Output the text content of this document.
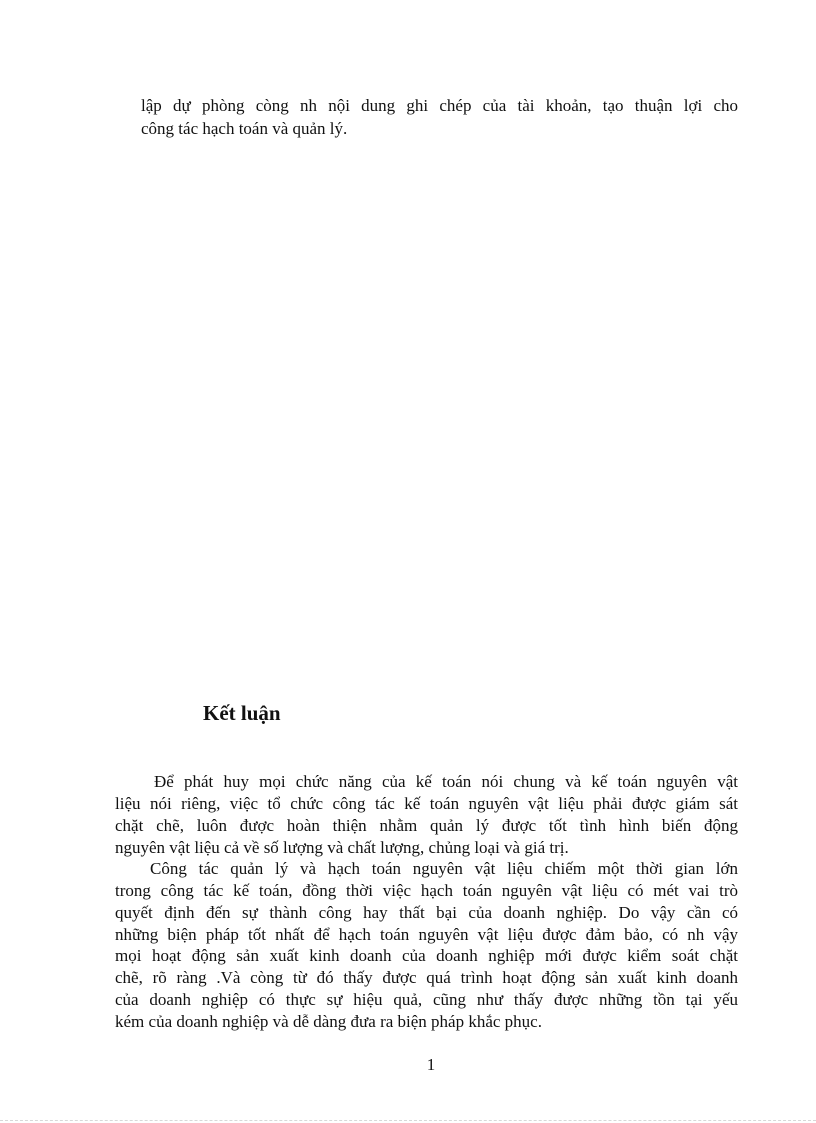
lập dự phòng còng nh nội dung ghi chép của tài khoản, tạo thuận lợi cho

công tác hạch toán và quản lý.

Kết luận

Để phát huy mọi chức năng của kế toán nói chung và kế toán nguyên vật

liệu nói riêng, việc tổ chức công tác kế toán nguyên vật liệu phải được giám sát

chặt chẽ, luôn được hoàn thiện nhằm quản lý được tốt tình hình biến động

nguyên vật liệu cả về số lượng và chất lượng, chủng loại và giá trị.

Công tác quản lý và hạch toán nguyên vật liệu chiếm một thời gian lớn

trong công tác kế toán, đồng thời việc hạch toán nguyên vật liệu có mét vai trò

quyết định đến sự thành công hay thất bại của doanh nghiệp. Do vậy cần có

những biện pháp tốt nhất để hạch toán nguyên vật liệu được đảm bảo, có nh vậy

mọi hoạt động sản xuất kinh doanh của doanh nghiệp mới được kiểm soát chặt

chẽ, rõ ràng .Và còng từ đó thấy được quá trình hoạt động sản xuất kinh doanh

của doanh nghiệp có thực sự hiệu quả, cũng như thấy được những tồn tại yếu

kém của doanh nghiệp và dễ dàng đưa ra biện pháp khắc phục.

1
